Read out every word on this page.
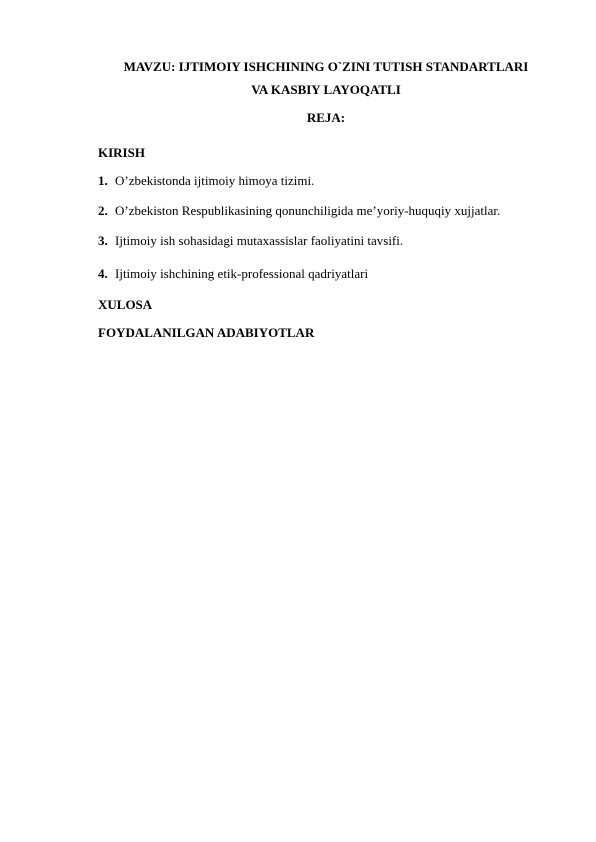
MAVZU: IJTIMOIY ISHCHINING O`ZINI TUTISH STANDARTLARI
VA KASBIY LAYOQATLI
REJA:
KIRISH
1. O’zbekistonda ijtimoiy himoya tizimi.
2. O’zbekiston Respublikasining qonunchiligida me’yoriy-huquqiy xujjatlar.
3. Ijtimoiy ish sohasidagi mutaxassislar faoliyatini tavsifi.
4. Ijtimoiy ishchining etik-professional qadriyatlari
XULOSA
FOYDALANILGAN ADABIYOTLAR
